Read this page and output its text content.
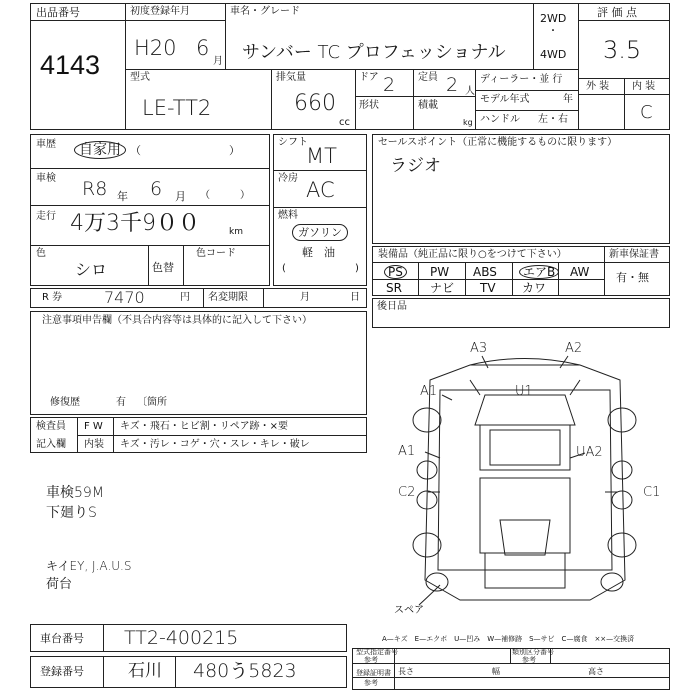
出品番号
4143
初度登録年月
H20 6
月
車名・グレード
サンバー TC プロフェッショナル
2WD
・
4WD
評 価 点
3.5
型式
LE-TT2
排気量
660
cc
ドア 2 定員 2 人
形状	積載
kg
ディーラー・並 行
モデル年式	年
ハンドル 左・右
外 装 内 装
C
車歴	自家用 （　　　　　　　　）
車検 R8 年 6 月 （　　　）
走行 4万3千9００	km
色
シロ	色替
色コード
シフト
MT
冷房 AC
燃料
ガソリン
軽　油
(	)
セールスポイント（正常に機能するものに限ります）
ラジオ
装備品（純正品に限り○をつけて下さい）	新車保証書
有・無
PS	PW ABS	エアB	AW
SR ナビ TV カワ
R 券	7470	円 名変期限	月	日
後日品
注意事項申告欄（不具合内容等は具体的に記入して下さい）
修復歴	有 〔箇所
検査員
記入欄
F W キズ・飛石・ヒビ割・リペア跡・×要
内装 キズ・汚レ・コゲ・穴・スレ・キレ・破レ
車検59M
下廻りS
キイEY, J.A.U.S
荷台
A3	A2
A1	U1
A1	UA2
C2	C1
スペア
車台番号 TT2-400215
登録番号	石川 480う5823
A—キズ　E—エクボ　U—凹み　W—補修跡　S—サビ　C—腐食　××—交換済
型式指定番号
参考
類別区分番号
参考
登録証明書
参考
長さ	幅	高さ
